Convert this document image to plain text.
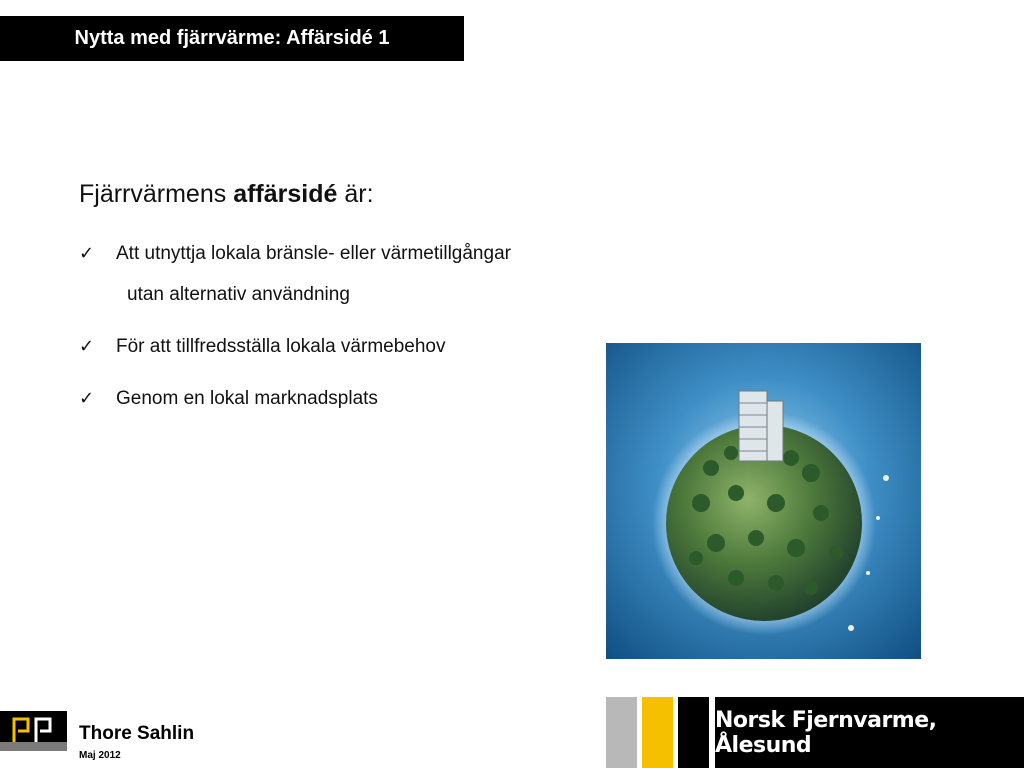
Nytta med fjärrvärme: Affärsidé 1
Fjärrvärmens affärsidé är:
✓	Att utnyttja lokala bränsle- eller värmetillgångar
utan alternativ användning
✓	För att tillfredsställa lokala värmebehov
✓	Genom en lokal marknadsplats
Thore Sahlin
Maj 2012
Norsk Fjernvarme, Ålesund
